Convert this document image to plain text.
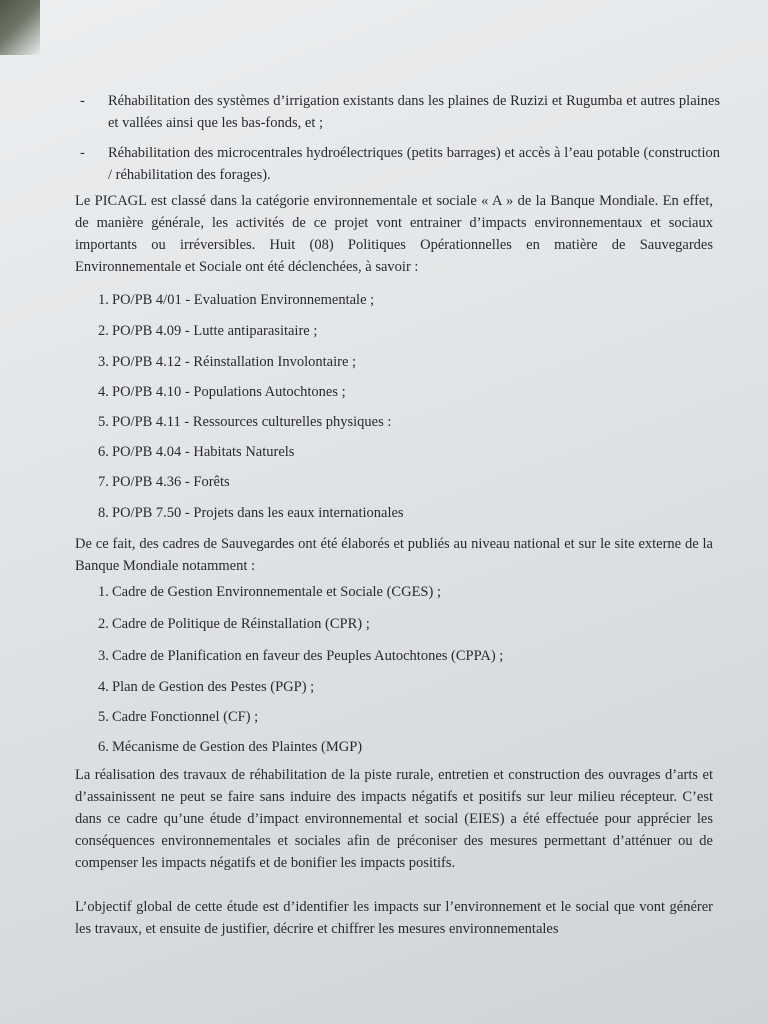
- Réhabilitation des systèmes d’irrigation existants dans les plaines de Ruzizi et Rugumba et autres plaines et vallées ainsi que les bas-fonds, et ;
- Réhabilitation des microcentrales hydroélectriques (petits barrages) et accès à l’eau potable (construction / réhabilitation des forages).

Le PICAGL est classé dans la catégorie environnementale et sociale « A » de la Banque Mondiale. En effet, de manière générale, les activités de ce projet vont entrainer d’impacts environnementaux et sociaux importants ou irréversibles. Huit (08) Politiques Opérationnelles en matière de Sauvegardes Environnementale et Sociale ont été déclenchées, à savoir :

1. PO/PB 4/01 - Evaluation Environnementale ;
2. PO/PB 4.09 - Lutte antiparasitaire ;
3. PO/PB 4.12 - Réinstallation Involontaire ;
4. PO/PB 4.10 - Populations Autochtones ;
5. PO/PB 4.11 - Ressources culturelles physiques :
6. PO/PB 4.04 - Habitats Naturels
7. PO/PB 4.36 - Forêts
8. PO/PB 7.50 - Projets dans les eaux internationales

De ce fait, des cadres de Sauvegardes ont été élaborés et publiés au niveau national et sur le site externe de la Banque Mondiale notamment :

1. Cadre de Gestion Environnementale et Sociale (CGES) ;
2. Cadre de Politique de Réinstallation (CPR) ;
3. Cadre de Planification en faveur des Peuples Autochtones (CPPA) ;
4. Plan de Gestion des Pestes (PGP) ;
5. Cadre Fonctionnel (CF) ;
6. Mécanisme de Gestion des Plaintes (MGP)

La réalisation des travaux de réhabilitation de la piste rurale, entretien et construction des ouvrages d’arts et d’assainissent ne peut se faire sans induire des impacts négatifs et positifs sur leur milieu récepteur. C’est dans ce cadre qu’une étude d’impact environnemental et social (EIES) a été effectuée pour apprécier les conséquences environnementales et sociales afin de préconiser des mesures permettant d’atténuer ou de compenser les impacts négatifs et de bonifier les impacts positifs.

L’objectif global de cette étude est d’identifier les impacts sur l’environnement et le social que vont générer les travaux, et ensuite de justifier, décrire et chiffrer les mesures environnementales
